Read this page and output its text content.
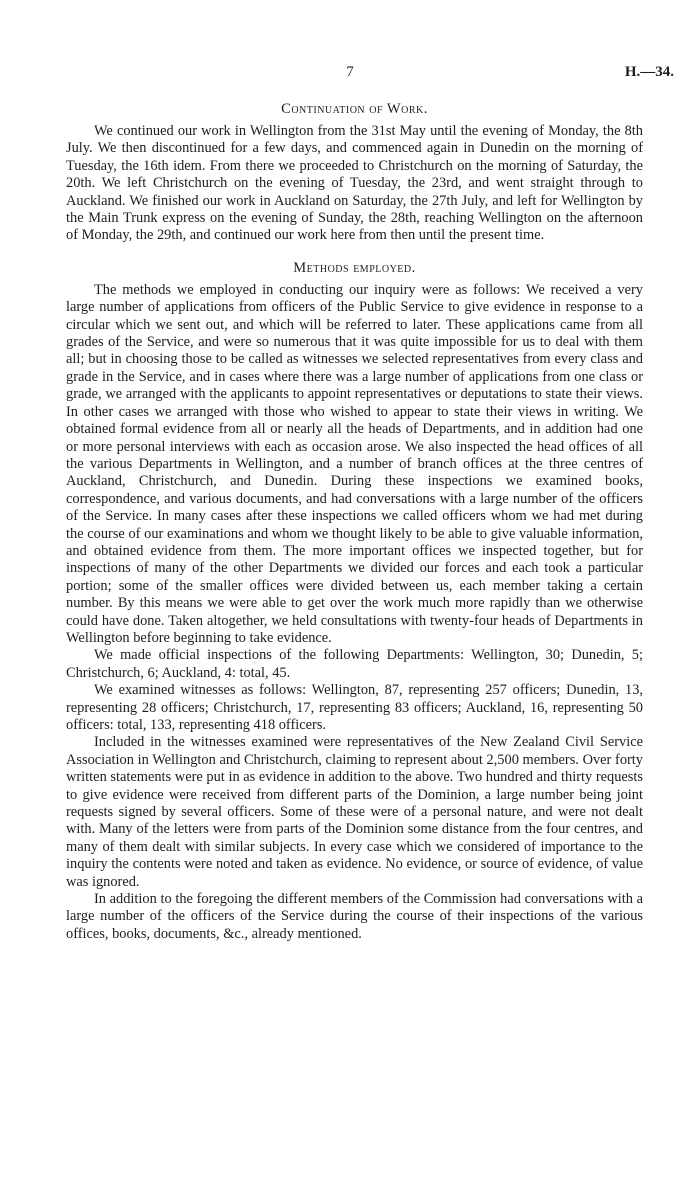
7	H.—34.
Continuation of Work.

We continued our work in Wellington from the 31st May until the evening of Monday, the 8th July. We then discontinued for a few days, and commenced again in Dunedin on the morning of Tuesday, the 16th idem. From there we proceeded to Christchurch on the morning of Saturday, the 20th. We left Christchurch on the evening of Tuesday, the 23rd, and went straight through to Auckland. We finished our work in Auckland on Saturday, the 27th July, and left for Wellington by the Main Trunk express on the evening of Sunday, the 28th, reaching Wellington on the afternoon of Monday, the 29th, and continued our work here from then until the present time.

Methods employed.

The methods we employed in conducting our inquiry were as follows: We received a very large number of applications from officers of the Public Service to give evidence in response to a circular which we sent out, and which will be referred to later. These applications came from all grades of the Service, and were so numerous that it was quite impossible for us to deal with them all; but in choosing those to be called as witnesses we selected representatives from every class and grade in the Service, and in cases where there was a large number of applications from one class or grade, we arranged with the applicants to appoint representatives or deputations to state their views. In other cases we arranged with those who wished to appear to state their views in writing. We obtained formal evidence from all or nearly all the heads of Departments, and in addition had one or more personal interviews with each as occasion arose. We also inspected the head offices of all the various Departments in Wellington, and a number of branch offices at the three centres of Auckland, Christchurch, and Dunedin. During these inspections we examined books, correspondence, and various documents, and had conversations with a large number of the officers of the Service. In many cases after these inspections we called officers whom we had met during the course of our examinations and whom we thought likely to be able to give valuable information, and obtained evidence from them. The more important offices we inspected together, but for inspections of many of the other Departments we divided our forces and each took a particular portion; some of the smaller offices were divided between us, each member taking a certain number. By this means we were able to get over the work much more rapidly than we otherwise could have done. Taken altogether, we held consultations with twenty-four heads of Departments in Wellington before beginning to take evidence.

We made official inspections of the following Departments: Wellington, 30; Dunedin, 5; Christchurch, 6; Auckland, 4: total, 45.

We examined witnesses as follows: Wellington, 87, representing 257 officers; Dunedin, 13, representing 28 officers; Christchurch, 17, representing 83 officers; Auckland, 16, representing 50 officers: total, 133, representing 418 officers.

Included in the witnesses examined were representatives of the New Zealand Civil Service Association in Wellington and Christchurch, claiming to represent about 2,500 members. Over forty written statements were put in as evidence in addition to the above. Two hundred and thirty requests to give evidence were received from different parts of the Dominion, a large number being joint requests signed by several officers. Some of these were of a personal nature, and were not dealt with. Many of the letters were from parts of the Dominion some distance from the four centres, and many of them dealt with similar subjects. In every case which we considered of importance to the inquiry the contents were noted and taken as evidence. No evidence, or source of evidence, of value was ignored.

In addition to the foregoing the different members of the Commission had conversations with a large number of the officers of the Service during the course of their inspections of the various offices, books, documents, &c., already mentioned.
